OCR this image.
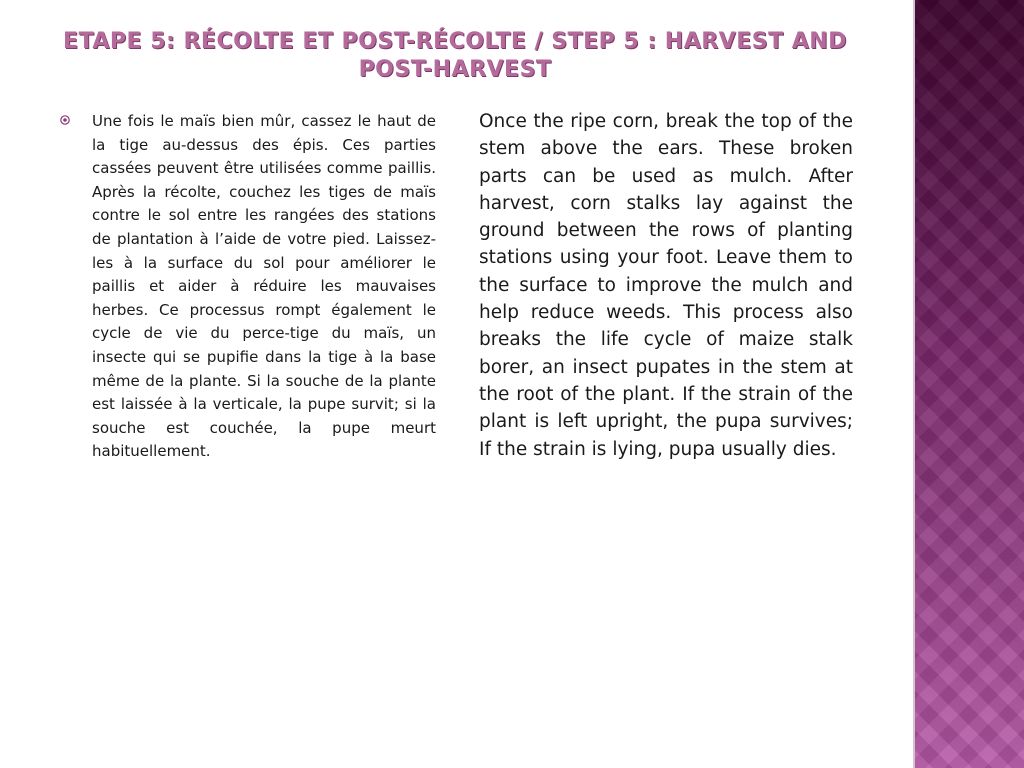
ETAPE 5: RÉCOLTE ET POST-RÉCOLTE / STEP 5 : HARVEST AND POST-HARVEST

Une fois le maïs bien mûr, cassez le haut de la tige au-dessus des épis. Ces parties cassées peuvent être utilisées comme paillis. Après la récolte, couchez les tiges de maïs contre le sol entre les rangées des stations de plantation à l’aide de votre pied. Laissez-les à la surface du sol pour améliorer le paillis et aider à réduire les mauvaises herbes. Ce processus rompt également le cycle de vie du perce-tige du maïs, un insecte qui se pupifie dans la tige à la base même de la plante. Si la souche de la plante est laissée à la verticale, la pupe survit; si la souche est couchée, la pupe meurt habituellement.

Once the ripe corn, break the top of the stem above the ears. These broken parts can be used as mulch. After harvest, corn stalks lay against the ground between the rows of planting stations using your foot. Leave them to the surface to improve the mulch and help reduce weeds. This process also breaks the life cycle of maize stalk borer, an insect pupates in the stem at the root of the plant. If the strain of the plant is left upright, the pupa survives; If the strain is lying, pupa usually dies.
